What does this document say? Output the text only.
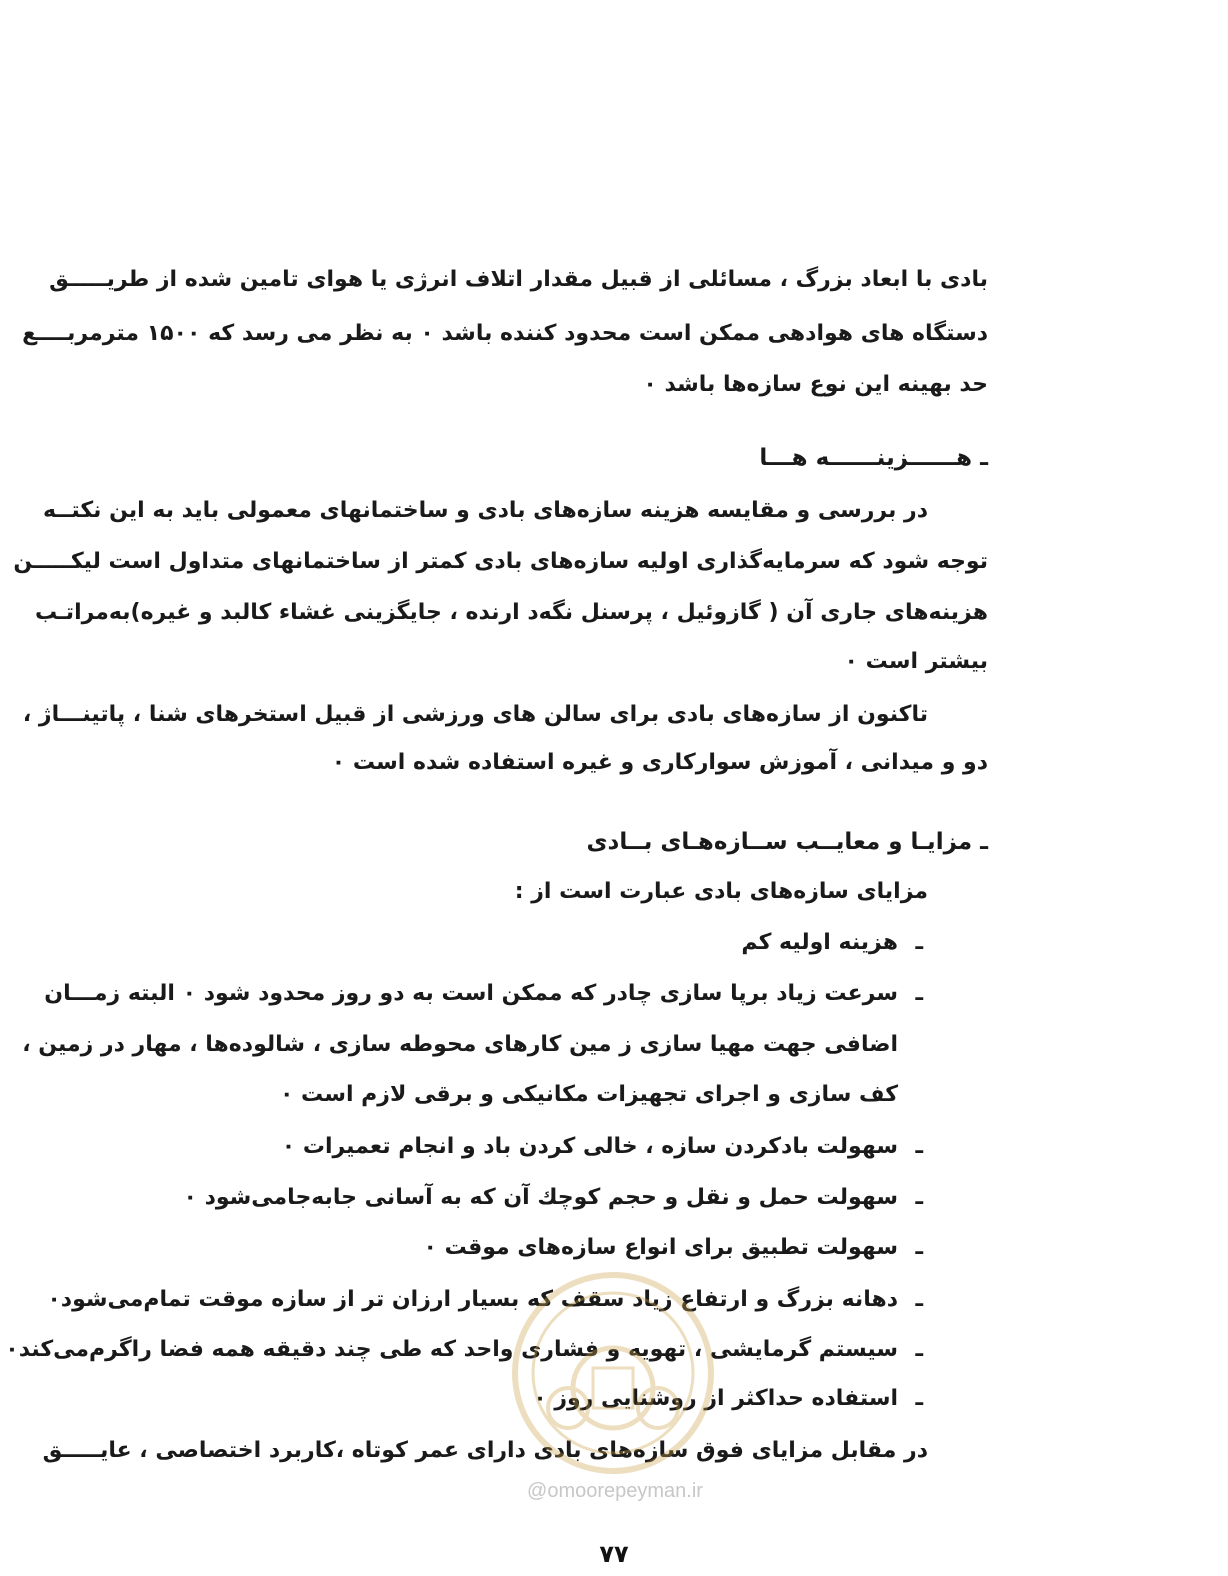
بادی با ابعاد بزرگ ، مسائلی از قبیل مقدار اتلاف انرژی یا هوای تامین شده از طریـــــق

دستگاه های هوادهی ممکن است محدود کننده باشد ۰ به نظر می رسد که ۱۵۰۰ مترمربــــع

حد بهینه این نوع سازه‌ها باشد ۰

ـ هــــــزینــــــه هـــا

در بررسی و مقایسه هزینه سازه‌های بادی و ساختمانهای معمولی باید به این نکتــه

توجه شود که سرمایه‌گذاری اولیه سازه‌های بادی کمتر از ساختمانهای متداول است لیکـــــن

هزینه‌های جاری آن ( گازوئیل ، پرسنل نگه‌د ارنده ، جایگزینی غشاء کالبد و غیره)به‌مراتـب

بیشتر است ۰

تاکنون از سازه‌های بادی برای سالن های ورزشی از قبیل استخرهای شنا ، پاتینـــاژ ،

دو و میدانی ، آموزش سوارکاری و غیره استفاده شده است ۰

ـ مزایـا و معایــب ســازه‌هـای بــادی

مزایای سازه‌های بادی عبارت است از :

ـ

هزینه اولیه کم

ـ

سرعت زیاد برپا سازی چادر که ممکن است به دو روز محدود شود ۰ البته زمـــان

اضافی جهت مهیا سازی ز مین کارهای محوطه سازی ، شالوده‌ها ، مهار در زمین ،

کف سازی و اجرای تجهیزات مکانیکی و برقی لازم است ۰

ـ

سهولت بادکردن سازه ، خالی کردن باد و انجام تعمیرات ۰

ـ

سهولت حمل و نقل و حجم کوچك آن که به آسانی جابه‌جامی‌شود ۰

ـ

سهولت تطبیق برای انواع سازه‌های موقت ۰

ـ

دهانه بزرگ و ارتفاع زیاد سقف که بسیار ارزان تر از سازه موقت تمام‌می‌شود۰

ـ

سیستم گرمایشی ، تهویه و فشاری واحد که طی چند دقیقه همه فضا راگرم‌می‌کند۰

ـ

استفاده حداکثر از روشنایی روز ۰

در مقابل مزایای فوق سازه‌های بادی دارای عمر کوتاه ،کاربرد اختصاصی ، عایـــــق

@omoorepeyman.ir
۷۷
